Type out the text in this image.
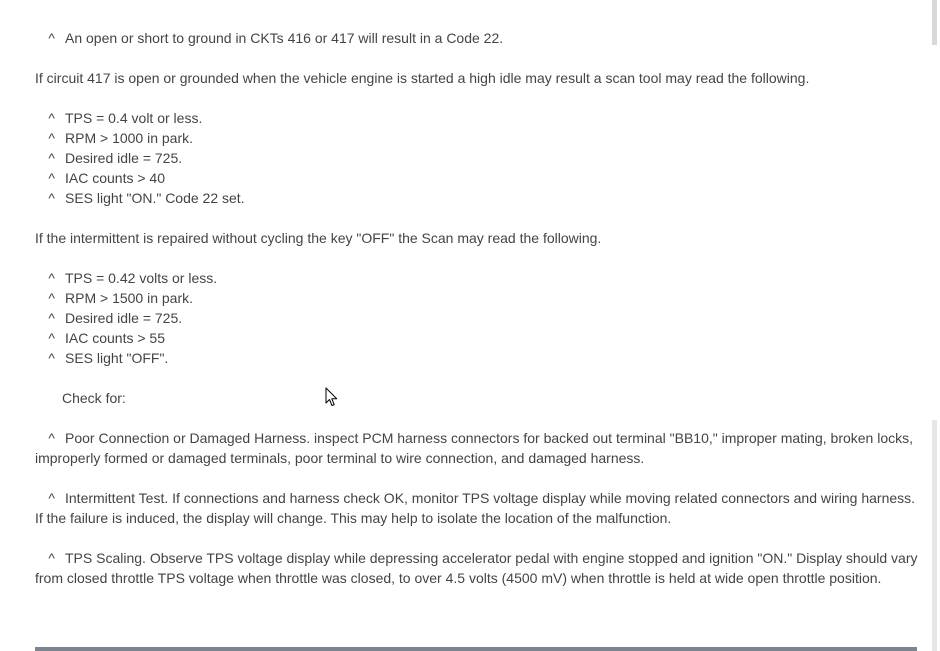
^ An open or short to ground in CKTs 416 or 417 will result in a Code 22.
If circuit 417 is open or grounded when the vehicle engine is started a high idle may result a scan tool may read the following.
^ TPS = 0.4 volt or less.
^ RPM > 1000 in park.
^ Desired idle = 725.
^ IAC counts > 40
^ SES light "ON." Code 22 set.
If the intermittent is repaired without cycling the key "OFF" the Scan may read the following.
^ TPS = 0.42 volts or less.
^ RPM > 1500 in park.
^ Desired idle = 725.
^ IAC counts > 55
^ SES light "OFF".
Check for:
^ Poor Connection or Damaged Harness. inspect PCM harness connectors for backed out terminal "BB10," improper mating, broken locks, improperly formed or damaged terminals, poor terminal to wire connection, and damaged harness.
^ Intermittent Test. If connections and harness check OK, monitor TPS voltage display while moving related connectors and wiring harness. If the failure is induced, the display will change. This may help to isolate the location of the malfunction.
^ TPS Scaling. Observe TPS voltage display while depressing accelerator pedal with engine stopped and ignition "ON." Display should vary from closed throttle TPS voltage when throttle was closed, to over 4.5 volts (4500 mV) when throttle is held at wide open throttle position.
